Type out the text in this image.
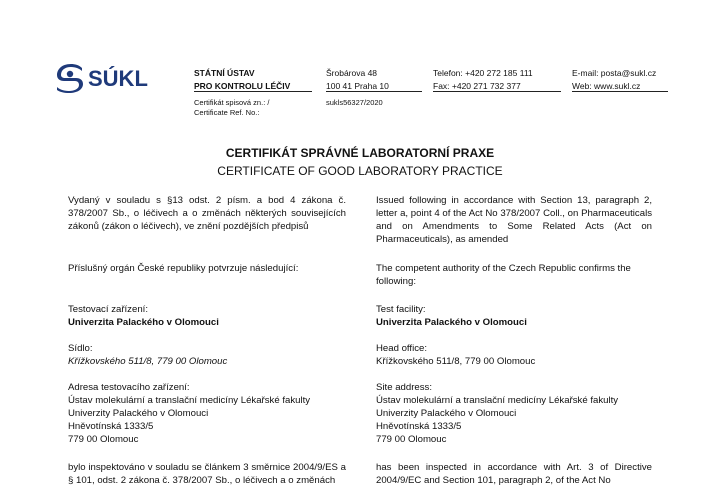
SÚKL	STÁTNÍ ÚSTAV
PRO KONTROLU LÉČIV
Šrobárova 48
100 41 Praha 10
Telefon: +420 272 185 111
Fax: +420 271 732 377
E-mail: posta@sukl.cz
Web: www.sukl.cz
Certifikát spisová zn.: /
Certificate Ref. No.:
sukls56327/2020
CERTIFIKÁT SPRÁVNÉ LABORATORNÍ PRAXE
CERTIFICATE OF GOOD LABORATORY PRACTICE
Vydaný v souladu s §13 odst. 2 písm. a bod 4 zákona č. 378/2007 Sb., o léčivech a o změnách některých souvisejících zákonů (zákon o léčivech), ve znění pozdějších předpisů
Příslušný orgán České republiky potvrzuje následující:
Testovací zařízení:
Univerzita Palackého v Olomouci
Sídlo:
Křížkovského 511/8, 779 00 Olomouc
Adresa testovacího zařízení:
Ústav molekulární a translační medicíny Lékařské fakulty
Univerzity Palackého v Olomouci
Hněvotínská 1333/5
779 00 Olomouc
bylo inspektováno v souladu se článkem 3 směrnice 2004/9/ES a § 101, odst. 2 zákona č. 378/2007 Sb., o léčivech a o změnách
Issued following in accordance with Section 13, paragraph 2, letter a, point 4 of the Act No 378/2007 Coll., on Pharmaceuticals and on Amendments to Some Related Acts (Act on Pharmaceuticals), as amended
The competent authority of the Czech Republic confirms the following:
Test facility:
Univerzita Palackého v Olomouci
Head office:
Křížkovského 511/8, 779 00 Olomouc
Site address:
Ústav molekulární a translační medicíny Lékařské fakulty
Univerzity Palackého v Olomouci
Hněvotínská 1333/5
779 00 Olomouc
has been inspected in accordance with Art. 3 of Directive 2004/9/EC and Section 101, paragraph 2, of the Act No
